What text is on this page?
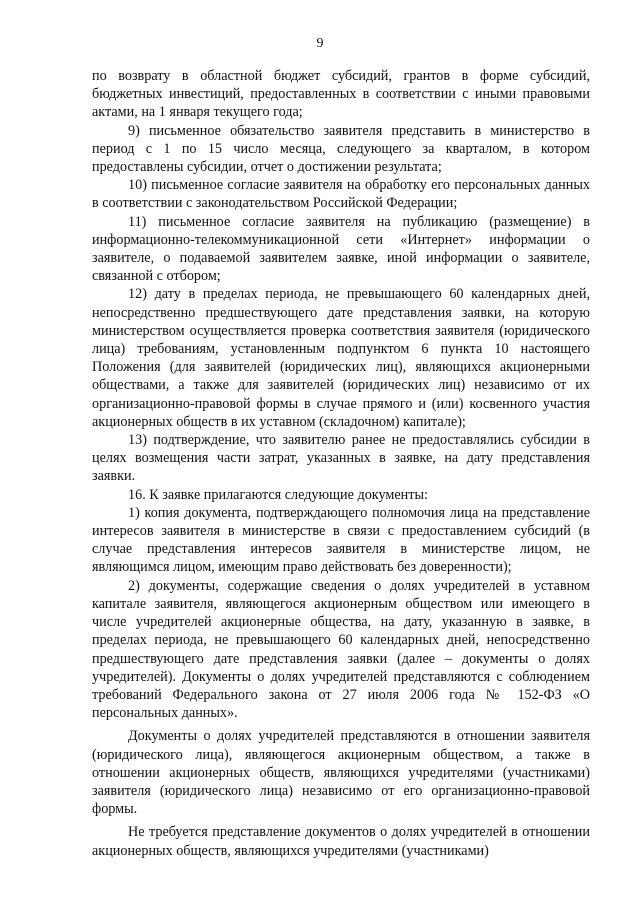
9

по возврату в областной бюджет субсидий, грантов в форме субсидий, бюджетных инвестиций, предоставленных в соответствии с иными правовыми актами, на 1 января текущего года;

9) письменное обязательство заявителя представить в министерство в период с 1 по 15 число месяца, следующего за кварталом, в котором предоставлены субсидии, отчет о достижении результата;

10) письменное согласие заявителя на обработку его персональных данных в соответствии с законодательством Российской Федерации;

11) письменное согласие заявителя на публикацию (размещение) в информационно-телекоммуникационной сети «Интернет» информации о заявителе, о подаваемой заявителем заявке, иной информации о заявителе, связанной с отбором;

12) дату в пределах периода, не превышающего 60 календарных дней, непосредственно предшествующего дате представления заявки, на которую министерством осуществляется проверка соответствия заявителя (юридического лица) требованиям, установленным подпунктом 6 пункта 10 настоящего Положения (для заявителей (юридических лиц), являющихся акционерными обществами, а также для заявителей (юридических лиц) независимо от их организационно-правовой формы в случае прямого и (или) косвенного участия акционерных обществ в их уставном (складочном) капитале);

13) подтверждение, что заявителю ранее не предоставлялись субсидии в целях возмещения части затрат, указанных в заявке, на дату представления заявки.

16. К заявке прилагаются следующие документы:

1) копия документа, подтверждающего полномочия лица на представление интересов заявителя в министерстве в связи с предоставлением субсидий (в случае представления интересов заявителя в министерстве лицом, не являющимся лицом, имеющим право действовать без доверенности);

2) документы, содержащие сведения о долях учредителей в уставном капитале заявителя, являющегося акционерным обществом или имеющего в числе учредителей акционерные общества, на дату, указанную в заявке, в пределах периода, не превышающего 60 календарных дней, непосредственно предшествующего дате представления заявки (далее – документы о долях учредителей). Документы о долях учредителей представляются с соблюдением требований Федерального закона от 27 июля 2006 года № 152-ФЗ «О персональных данных».

Документы о долях учредителей представляются в отношении заявителя (юридического лица), являющегося акционерным обществом, а также в отношении акционерных обществ, являющихся учредителями (участниками) заявителя (юридического лица) независимо от его организационно-правовой формы.

Не требуется представление документов о долях учредителей в отношении акционерных обществ, являющихся учредителями (участниками)
